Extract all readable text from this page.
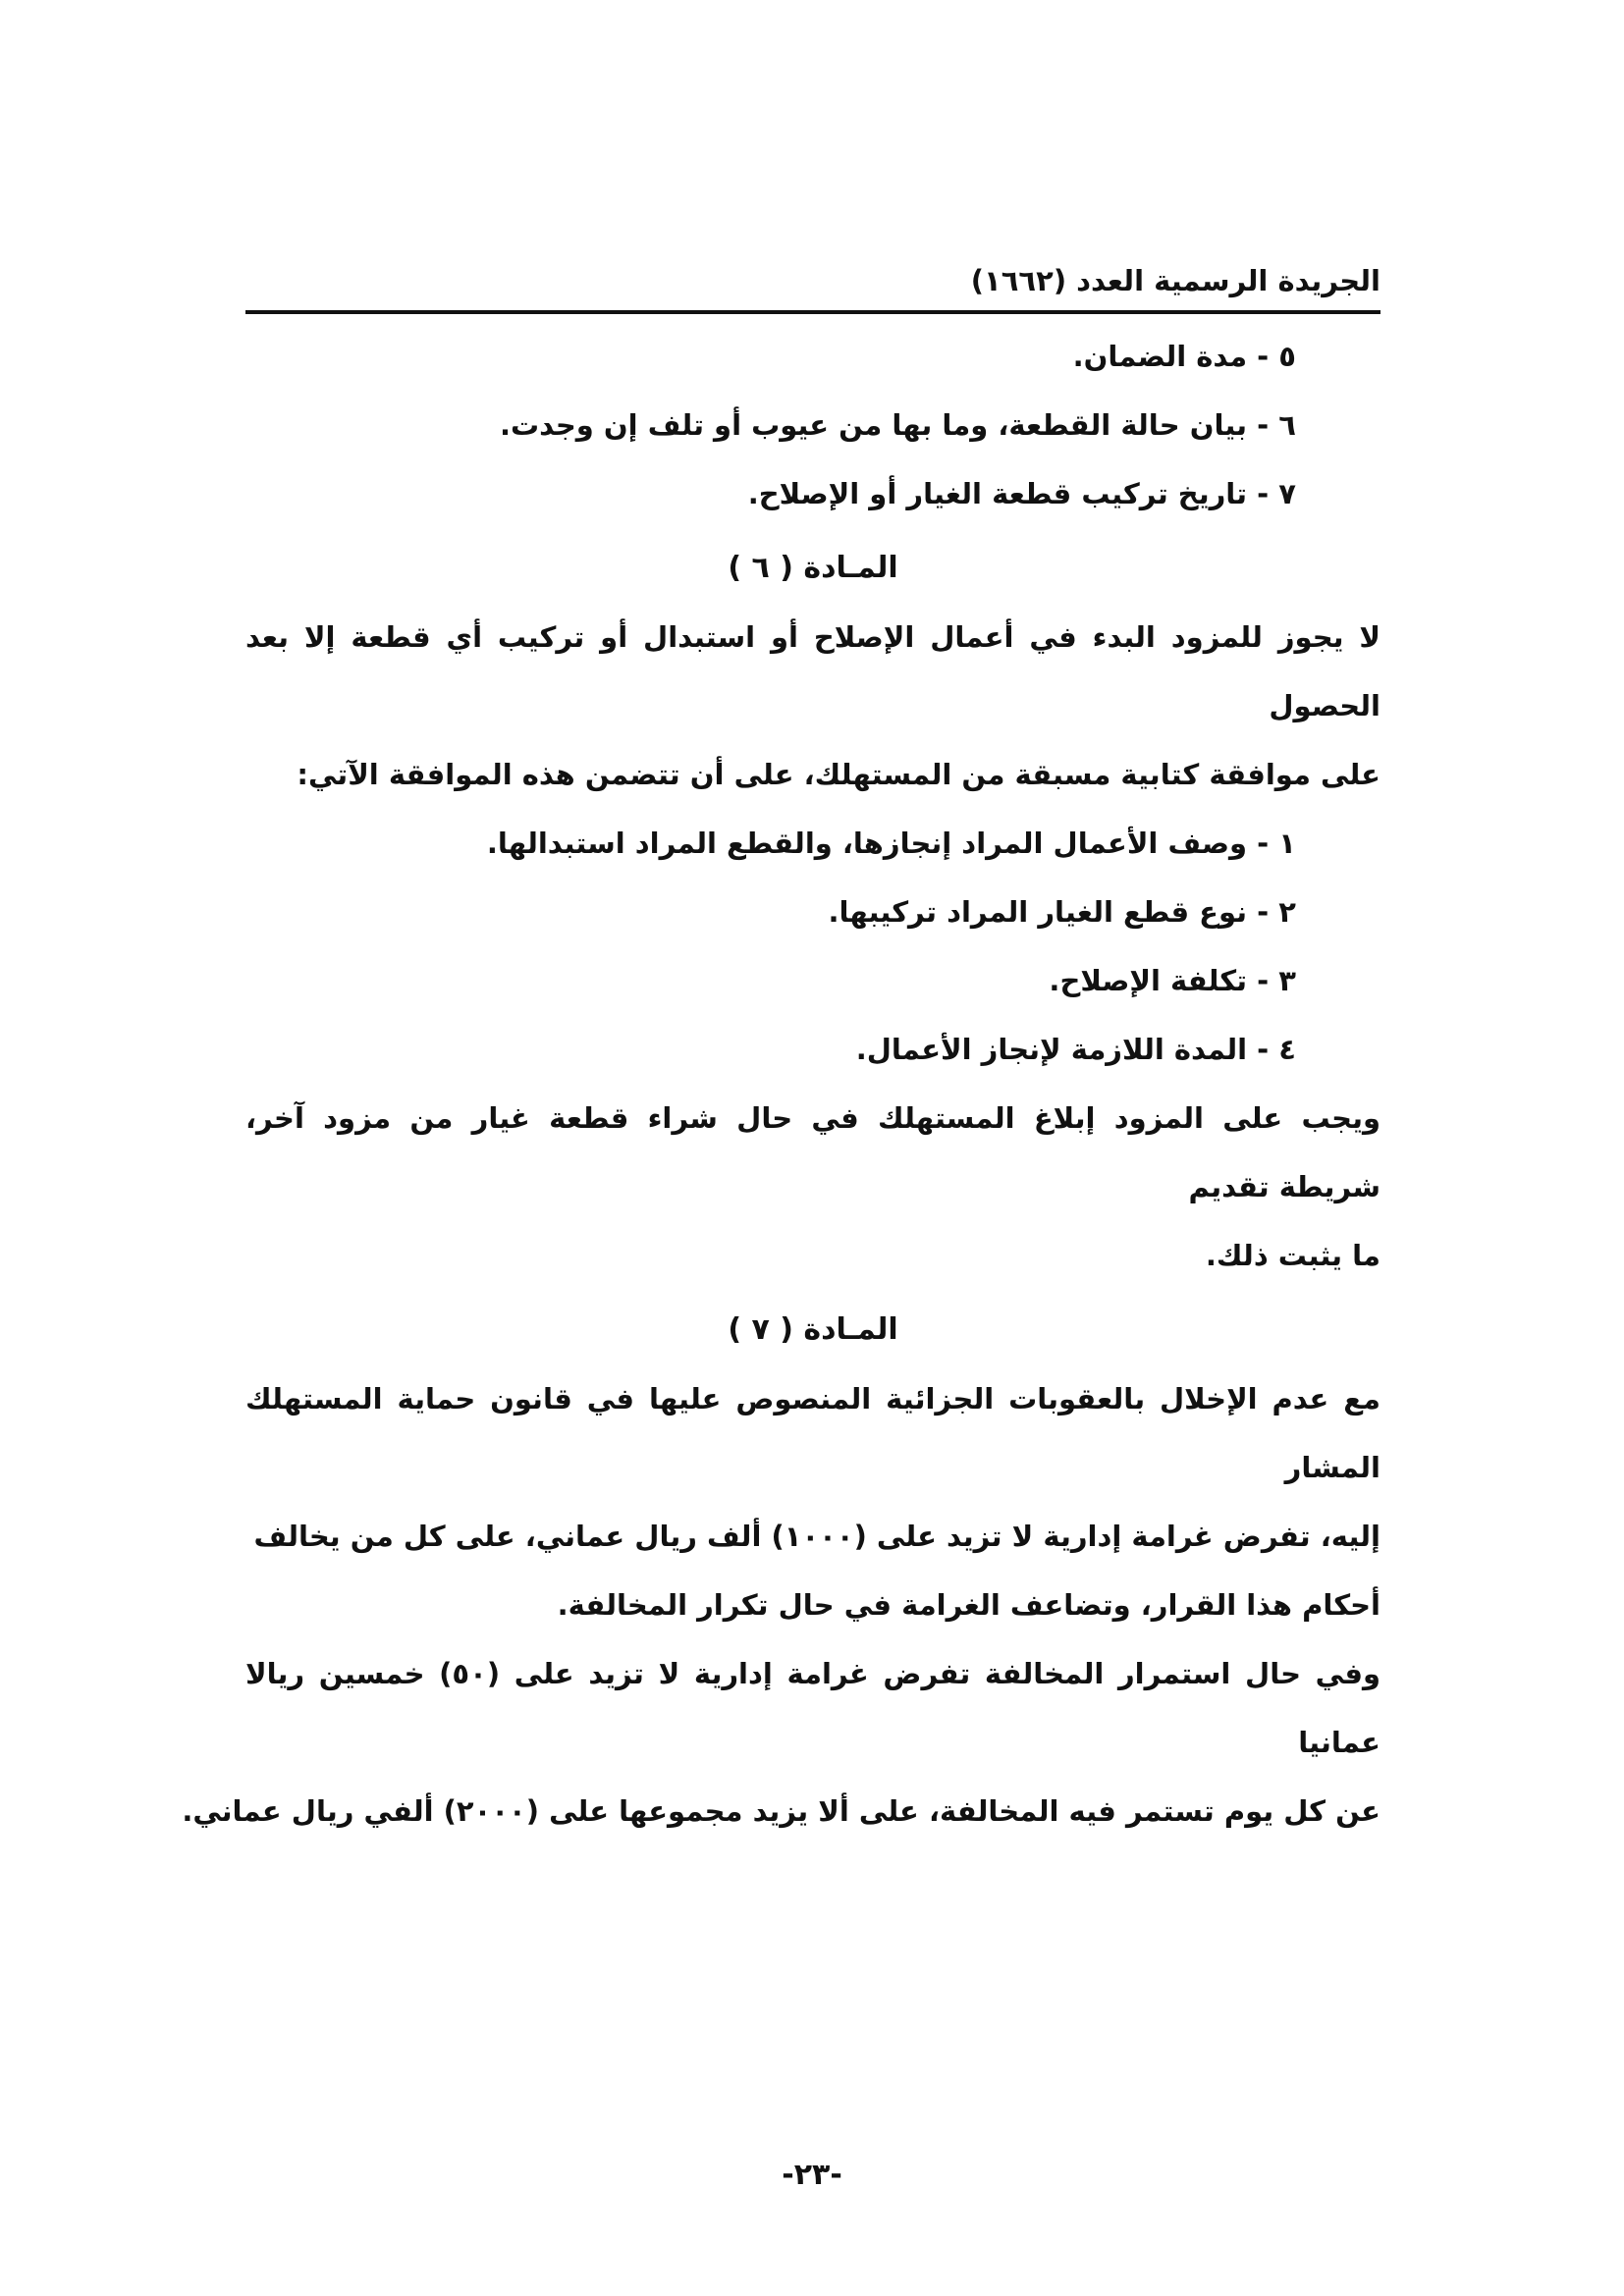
الجريدة الرسمية العدد (١٦٦٢)

٥ - مدة الضمان.

٦ - بيان حالة القطعة، وما بها من عيوب أو تلف إن وجدت.

٧ - تاريخ تركيب قطعة الغيار أو الإصلاح.

المـادة ( ٦ )

لا يجوز للمزود البدء في أعمال الإصلاح أو استبدال أو تركيب أي قطعة إلا بعد الحصول

على موافقة كتابية مسبقة من المستهلك، على أن تتضمن هذه الموافقة الآتي:

١ - وصف الأعمال المراد إنجازها، والقطع المراد استبدالها.

٢ - نوع قطع الغيار المراد تركيبها.

٣ - تكلفة الإصلاح.

٤ - المدة اللازمة لإنجاز الأعمال.

ويجب على المزود إبلاغ المستهلك في حال شراء قطعة غيار من مزود آخر، شريطة تقديم

ما يثبت ذلك.

المـادة ( ٧ )

مع عدم الإخلال بالعقوبات الجزائية المنصوص عليها في قانون حماية المستهلك المشار

إليه، تفرض غرامة إدارية لا تزيد على (١٠٠٠) ألف ريال عماني، على كل من يخالف

أحكام هذا القرار، وتضاعف الغرامة في حال تكرار المخالفة.

وفي حال استمرار المخالفة تفرض غرامة إدارية لا تزيد على (٥٠) خمسين ريالا عمانيا

عن كل يوم تستمر فيه المخالفة، على ألا يزيد مجموعها على (٢٠٠٠) ألفي ريال عماني.

-٢٣-
